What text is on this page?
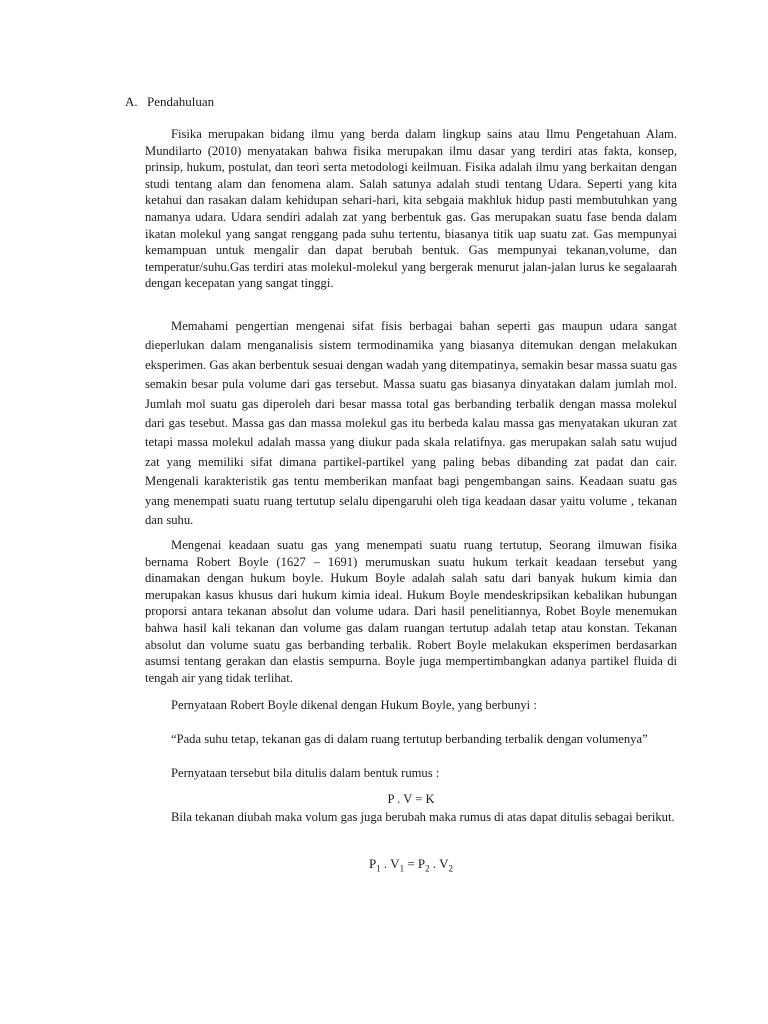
A. Pendahuluan

Fisika merupakan bidang ilmu yang berda dalam lingkup sains atau Ilmu Pengetahuan Alam. Mundilarto (2010) menyatakan bahwa fisika merupakan ilmu dasar yang terdiri atas fakta, konsep, prinsip, hukum, postulat, dan teori serta metodologi keilmuan. Fisika adalah ilmu yang berkaitan dengan studi tentang alam dan fenomena alam. Salah satunya adalah studi tentang Udara. Seperti yang kita ketahui dan rasakan dalam kehidupan sehari-hari, kita sebgaia makhluk hidup pasti membutuhkan yang namanya udara. Udara sendiri adalah zat yang berbentuk gas. Gas merupakan suatu fase benda dalam ikatan molekul yang sangat renggang pada suhu tertentu, biasanya titik uap suatu zat. Gas mempunyai kemampuan untuk mengalir dan dapat berubah bentuk. Gas mempunyai tekanan,volume, dan temperatur/suhu.Gas terdiri atas molekul-molekul yang bergerak menurut jalan-jalan lurus ke segalaarah dengan kecepatan yang sangat tinggi.

Memahami pengertian mengenai sifat fisis berbagai bahan seperti gas maupun udara sangat dieperlukan dalam menganalisis sistem termodinamika yang biasanya ditemukan dengan melakukan eksperimen. Gas akan berbentuk sesuai dengan wadah yang ditempatinya, semakin besar massa suatu gas semakin besar pula volume dari gas tersebut. Massa suatu gas biasanya dinyatakan dalam jumlah mol. Jumlah mol suatu gas diperoleh dari besar massa total gas berbanding terbalik dengan massa molekul dari gas tesebut. Massa gas dan massa molekul gas itu berbeda kalau massa gas menyatakan ukuran zat tetapi massa molekul adalah massa yang diukur pada skala relatifnya. gas merupakan salah satu wujud zat yang memiliki sifat dimana partikel-partikel yang paling bebas dibanding zat padat dan cair. Mengenali karakteristik gas tentu memberikan manfaat bagi pengembangan sains. Keadaan suatu gas yang menempati suatu ruang tertutup selalu dipengaruhi oleh tiga keadaan dasar yaitu volume , tekanan dan suhu.

Mengenai keadaan suatu gas yang menempati suatu ruang tertutup, Seorang ilmuwan fisika bernama Robert Boyle (1627 – 1691) merumuskan suatu hukum terkait keadaan tersebut yang dinamakan dengan hukum boyle. Hukum Boyle adalah salah satu dari banyak hukum kimia dan merupakan kasus khusus dari hukum kimia ideal. Hukum Boyle mendeskripsikan kebalikan hubungan proporsi antara tekanan absolut dan volume udara. Dari hasil penelitiannya, Robet Boyle menemukan bahwa hasil kali tekanan dan volume gas dalam ruangan tertutup adalah tetap atau konstan. Tekanan absolut dan volume suatu gas berbanding terbalik. Robert Boyle melakukan eksperimen berdasarkan asumsi tentang gerakan dan elastis sempurna. Boyle juga mempertimbangkan adanya partikel fluida di tengah air yang tidak terlihat.

Pernyataan Robert Boyle dikenal dengan Hukum Boyle, yang berbunyi :

“Pada suhu tetap, tekanan gas di dalam ruang tertutup berbanding terbalik dengan volumenya”

Pernyataan tersebut bila ditulis dalam bentuk rumus :

P . V = K

Bila tekanan diubah maka volum gas juga berubah maka rumus di atas dapat ditulis sebagai berikut.

$P_1$ . $V_1 = P_2$ . $V_2$
